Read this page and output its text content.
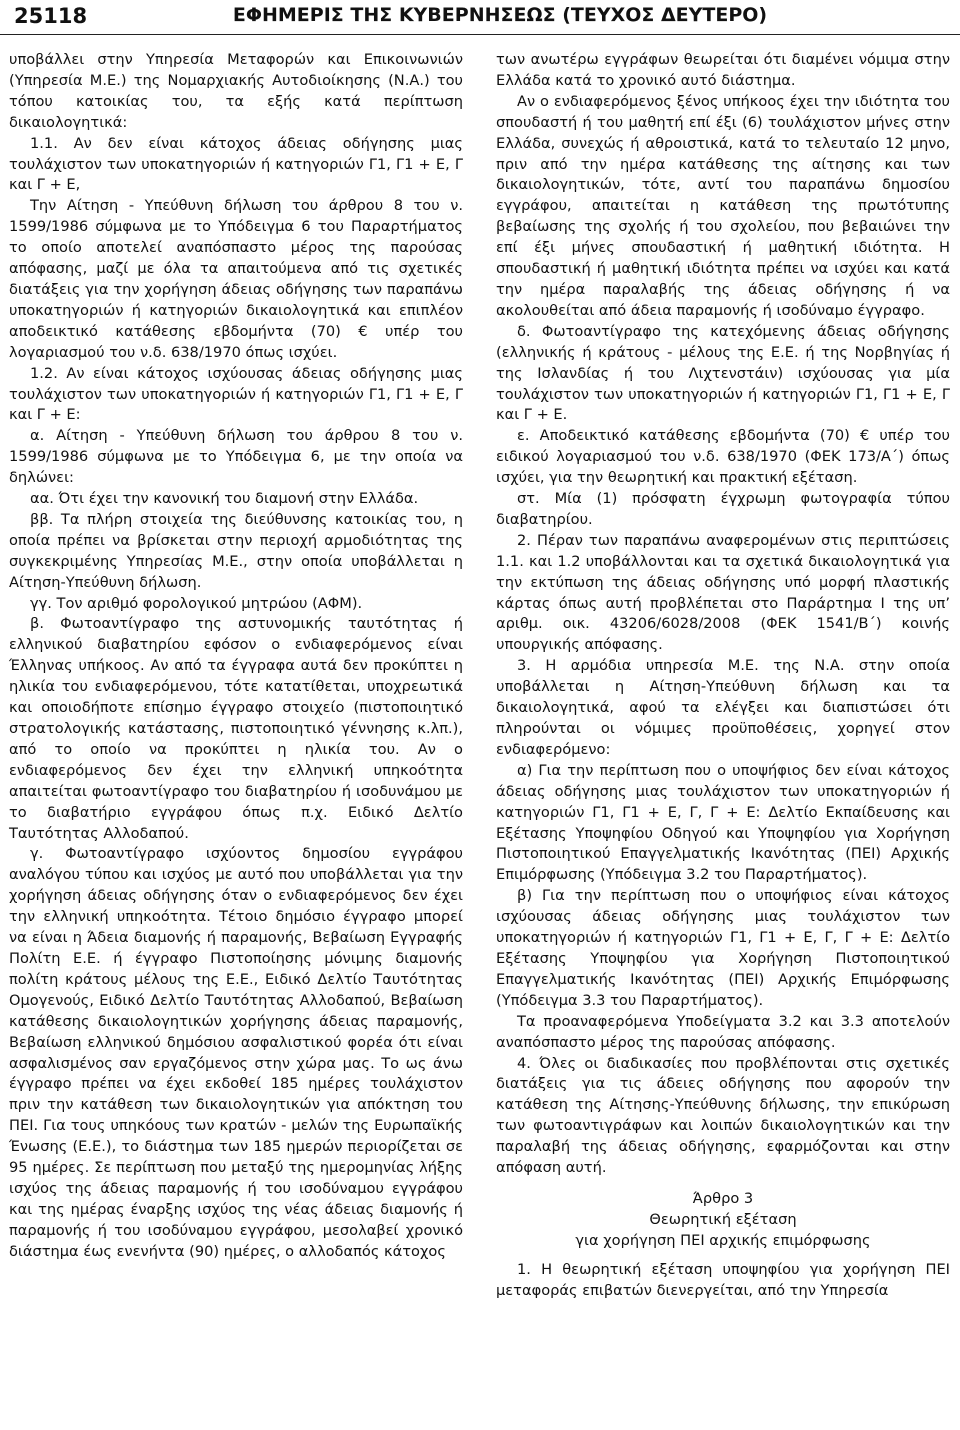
25118	ΕΦΗΜΕΡΙΣ ΤΗΣ ΚΥΒΕΡΝΗΣΕΩΣ (ΤΕΥΧΟΣ ΔΕΥΤΕΡΟ)

υποβάλλει στην Υπηρεσία Μεταφορών και Επικοινωνιών (Υπηρεσία Μ.Ε.) της Νομαρχιακής Αυτοδιοίκησης (Ν.Α.) του τόπου κατοικίας του, τα εξής κατά περίπτωση δικαιολογητικά:

1.1. Αν δεν είναι κάτοχος άδειας οδήγησης μιας τουλάχιστον των υποκατηγοριών ή κατηγοριών Γ1, Γ1 + Ε, Γ και Γ + Ε,

Την Αίτηση - Υπεύθυνη δήλωση του άρθρου 8 του ν. 1599/1986 σύμφωνα με το Υπόδειγμα 6 του Παραρτήματος το οποίο αποτελεί αναπόσπαστο μέρος της παρούσας απόφασης, μαζί με όλα τα απαιτούμενα από τις σχετικές διατάξεις για την χορήγηση άδειας οδήγησης των παραπάνω υποκατηγοριών ή κατηγοριών δικαιολογητικά και επιπλέον αποδεικτικό κατάθεσης εβδομήντα (70) € υπέρ του λογαριασμού του ν.δ. 638/1970 όπως ισχύει.

1.2. Αν είναι κάτοχος ισχύουσας άδειας οδήγησης μιας τουλάχιστον των υποκατηγοριών ή κατηγοριών Γ1, Γ1 + Ε, Γ και Γ + Ε:

α. Αίτηση - Υπεύθυνη δήλωση του άρθρου 8 του ν. 1599/1986 σύμφωνα με το Υπόδειγμα 6, με την οποία να δηλώνει:

αα. Ότι έχει την κανονική του διαμονή στην Ελλάδα.

ββ. Τα πλήρη στοιχεία της διεύθυνσης κατοικίας του, η οποία πρέπει να βρίσκεται στην περιοχή αρμοδιότητας της συγκεκριμένης Υπηρεσίας Μ.Ε., στην οποία υποβάλλεται η Αίτηση-Υπεύθυνη δήλωση.

γγ. Τον αριθμό φορολογικού μητρώου (ΑΦΜ).

β. Φωτοαντίγραφο της αστυνομικής ταυτότητας ή ελληνικού διαβατηρίου εφόσον ο ενδιαφερόμενος είναι Έλληνας υπήκοος. Αν από τα έγγραφα αυτά δεν προκύπτει η ηλικία του ενδιαφερόμενου, τότε κατατίθεται, υποχρεωτικά και οποιοδήποτε επίσημο έγγραφο στοιχείο (πιστοποιητικό στρατολογικής κατάστασης, πιστοποιητικό γέννησης κ.λπ.), από το οποίο να προκύπτει η ηλικία του. Αν ο ενδιαφερόμενος δεν έχει την ελληνική υπηκοότητα απαιτείται φωτοαντίγραφο του διαβατηρίου ή ισοδυνάμου με το διαβατήριο εγγράφου όπως π.χ. Ειδικό Δελτίο Ταυτότητας Αλλοδαπού.

γ. Φωτοαντίγραφο ισχύοντος δημοσίου εγγράφου αναλόγου τύπου και ισχύος με αυτό που υποβάλλεται για την χορήγηση άδειας οδήγησης όταν ο ενδιαφερόμενος δεν έχει την ελληνική υπηκοότητα. Τέτοιο δημόσιο έγγραφο μπορεί να είναι η Άδεια διαμονής ή παραμονής, Βεβαίωση Εγγραφής Πολίτη Ε.Ε. ή έγγραφο Πιστοποίησης μόνιμης διαμονής πολίτη κράτους μέλους της Ε.Ε., Ειδικό Δελτίο Ταυτότητας Ομογενούς, Ειδικό Δελτίο Ταυτότητας Αλλοδαπού, Βεβαίωση κατάθεσης δικαιολογητικών χορήγησης άδειας παραμονής, Βεβαίωση ελληνικού δημόσιου ασφαλιστικού φορέα ότι είναι ασφαλισμένος σαν εργαζόμενος στην χώρα μας. Το ως άνω έγγραφο πρέπει να έχει εκδοθεί 185 ημέρες τουλάχιστον πριν την κατάθεση των δικαιολογητικών για απόκτηση του ΠΕΙ. Για τους υπηκόους των κρατών - μελών της Ευρωπαϊκής Ένωσης (Ε.Ε.), το διάστημα των 185 ημερών περιορίζεται σε 95 ημέρες. Σε περίπτωση που μεταξύ της ημερομηνίας λήξης ισχύος της άδειας παραμονής ή του ισοδύναμου εγγράφου και της ημέρας έναρξης ισχύος της νέας άδειας διαμονής ή παραμονής ή του ισοδύναμου εγγράφου, μεσολαβεί χρονικό διάστημα έως ενενήντα (90) ημέρες, ο αλλοδαπός κάτοχος

των ανωτέρω εγγράφων θεωρείται ότι διαμένει νόμιμα στην Ελλάδα κατά το χρονικό αυτό διάστημα.

Αν ο ενδιαφερόμενος ξένος υπήκοος έχει την ιδιότητα του σπουδαστή ή του μαθητή επί έξι (6) τουλάχιστον μήνες στην Ελλάδα, συνεχώς ή αθροιστικά, κατά το τελευταίο 12 μηνο, πριν από την ημέρα κατάθεσης της αίτησης και των δικαιολογητικών, τότε, αντί του παραπάνω δημοσίου εγγράφου, απαιτείται η κατάθεση της πρωτότυπης βεβαίωσης της σχολής ή του σχολείου, που βεβαιώνει την επί έξι μήνες σπουδαστική ή μαθητική ιδιότητα. Η σπουδαστική ή μαθητική ιδιότητα πρέπει να ισχύει και κατά την ημέρα παραλαβής της άδειας οδήγησης ή να ακολουθείται από άδεια παραμονής ή ισοδύναμο έγγραφο.

δ. Φωτοαντίγραφο της κατεχόμενης άδειας οδήγησης (ελληνικής ή κράτους - μέλους της Ε.Ε. ή της Νορβηγίας ή της Ισλανδίας ή του Λιχτενστάιν) ισχύουσας για μία τουλάχιστον των υποκατηγοριών ή κατηγοριών Γ1, Γ1 + Ε, Γ και Γ + Ε.

ε. Αποδεικτικό κατάθεσης εβδομήντα (70) € υπέρ του ειδικού λογαριασμού του ν.δ. 638/1970 (ΦΕΚ 173/Α΄) όπως ισχύει, για την θεωρητική και πρακτική εξέταση.

στ. Μία (1) πρόσφατη έγχρωμη φωτογραφία τύπου διαβατηρίου.

2. Πέραν των παραπάνω αναφερομένων στις περιπτώσεις 1.1. και 1.2 υποβάλλονται και τα σχετικά δικαιολογητικά για την εκτύπωση της άδειας οδήγησης υπό μορφή πλαστικής κάρτας όπως αυτή προβλέπεται στο Παράρτημα Ι της υπ’ αριθμ. οικ. 43206/6028/2008 (ΦΕΚ 1541/Β΄) κοινής υπουργικής απόφασης.

3. Η αρμόδια υπηρεσία Μ.Ε. της Ν.Α. στην οποία υποβάλλεται η Αίτηση-Υπεύθυνη δήλωση και τα δικαιολογητικά, αφού τα ελέγξει και διαπιστώσει ότι πληρούνται οι νόμιμες προϋποθέσεις, χορηγεί στον ενδιαφερόμενο:

α) Για την περίπτωση που ο υποψήφιος δεν είναι κάτοχος άδειας οδήγησης μιας τουλάχιστον των υποκατηγοριών ή κατηγοριών Γ1, Γ1 + Ε, Γ, Γ + Ε: Δελτίο Εκπαίδευσης και Εξέτασης Υποψηφίου Οδηγού και Υποψηφίου για Χορήγηση Πιστοποιητικού Επαγγελματικής Ικανότητας (ΠΕΙ) Αρχικής Επιμόρφωσης (Υπόδειγμα 3.2 του Παραρτήματος).

β) Για την περίπτωση που ο υποψήφιος είναι κάτοχος ισχύουσας άδειας οδήγησης μιας τουλάχιστον των υποκατηγοριών ή κατηγοριών Γ1, Γ1 + Ε, Γ, Γ + Ε: Δελτίο Εξέτασης Υποψηφίου για Χορήγηση Πιστοποιητικού Επαγγελματικής Ικανότητας (ΠΕΙ) Αρχικής Επιμόρφωσης (Υπόδειγμα 3.3 του Παραρτήματος).

Τα προαναφερόμενα Υποδείγματα 3.2 και 3.3 αποτελούν αναπόσπαστο μέρος της παρούσας απόφασης.

4. Όλες οι διαδικασίες που προβλέπονται στις σχετικές διατάξεις για τις άδειες οδήγησης που αφορούν την κατάθεση της Αίτησης-Υπεύθυνης δήλωσης, την επικύρωση των φωτοαντιγράφων και λοιπών δικαιολογητικών και την παραλαβή της άδειας οδήγησης, εφαρμόζονται και στην απόφαση αυτή.

Άρθρο 3
Θεωρητική εξέταση
για χορήγηση ΠΕΙ αρχικής επιμόρφωσης

1. Η θεωρητική εξέταση υποψηφίου για χορήγηση ΠΕΙ μεταφοράς επιβατών διενεργείται, από την Υπηρεσία
